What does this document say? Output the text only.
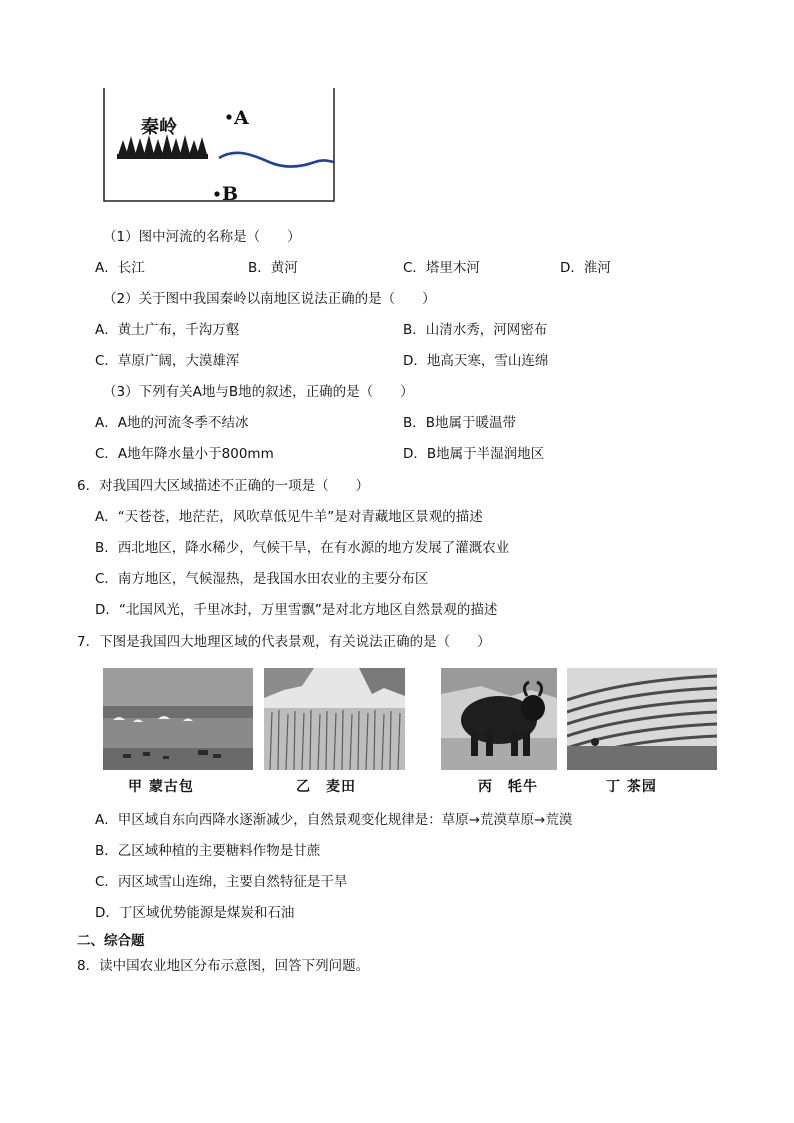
秦岭	A
B
（1）图中河流的名称是（　　）
A．长江	B．黄河	C．塔里木河	D．淮河
（2）关于图中我国秦岭以南地区说法正确的是（　　）
A．黄土广布，千沟万壑	B．山清水秀，河网密布
C．草原广阔，大漠雄浑	D．地高天寒，雪山连绵
（3）下列有关A地与B地的叙述，正确的是（　　）
A．A地的河流冬季不结冰	B．B地属于暖温带
C．A地年降水量小于800mm	D．B地属于半湿润地区
6．对我国四大区域描述不正确的一项是（　　）
A．“天苍苍，地茫茫，风吹草低见牛羊”是对青藏地区景观的描述
B．西北地区，降水稀少，气候干旱，在有水源的地方发展了灌溉农业
C．南方地区，气候湿热，是我国水田农业的主要分布区
D．“北国风光，千里冰封，万里雪飘”是对北方地区自然景观的描述
7．下图是我国四大地理区域的代表景观，有关说法正确的是（　　）
甲 蒙古包	乙　麦田	丙　牦牛	丁 茶园
A．甲区域自东向西降水逐渐减少，自然景观变化规律是：草原→荒漠草原→荒漠
B．乙区域种植的主要糖料作物是甘蔗
C．丙区域雪山连绵，主要自然特征是干旱
D．丁区域优势能源是煤炭和石油
二、综合题
8．读中国农业地区分布示意图，回答下列问题。
